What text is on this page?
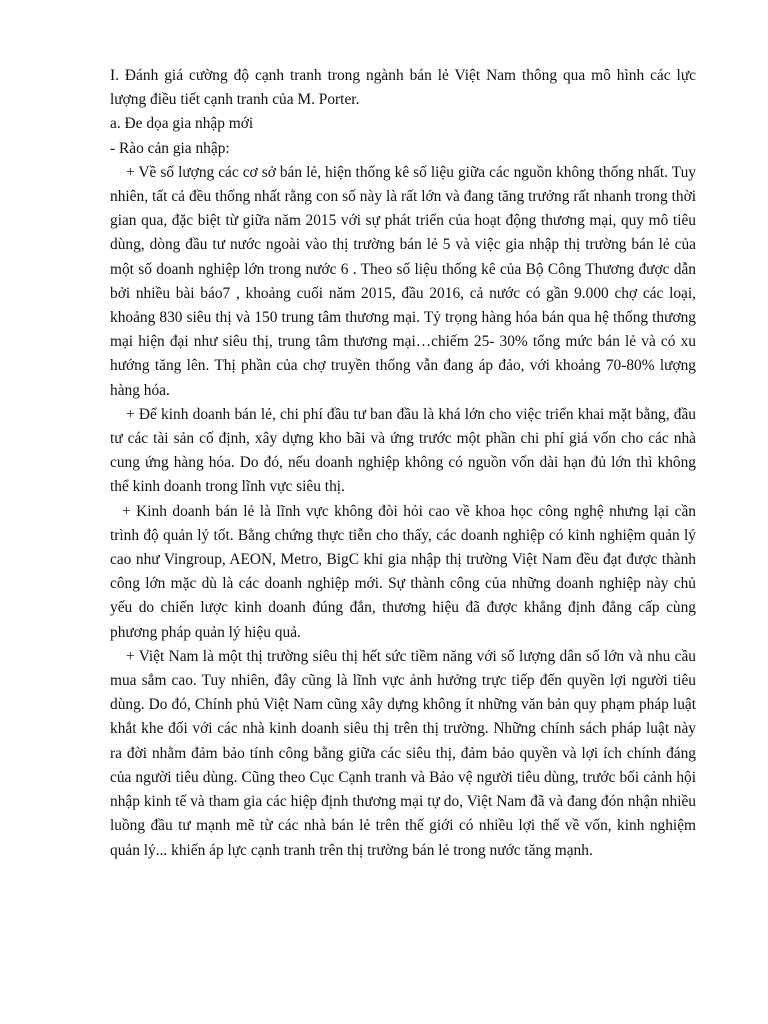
I. Đánh giá cường độ cạnh tranh trong ngành bán lẻ Việt Nam thông qua mô hình các lực lượng điều tiết cạnh tranh của M. Porter.

a. Đe dọa gia nhập mới

- Rào cản gia nhập:

+ Về số lượng các cơ sở bán lẻ, hiện thống kê số liệu giữa các nguồn không thống nhất. Tuy nhiên, tất cả đều thống nhất rằng con số này là rất lớn và đang tăng trưởng rất nhanh trong thời gian qua, đặc biệt từ giữa năm 2015 với sự phát triển của hoạt động thương mại, quy mô tiêu dùng, dòng đầu tư nước ngoài vào thị trường bán lẻ 5 và việc gia nhập thị trường bán lẻ của một số doanh nghiệp lớn trong nước 6 . Theo số liệu thống kê của Bộ Công Thương được dẫn bởi nhiều bài báo7 , khoảng cuối năm 2015, đầu 2016, cả nước có gần 9.000 chợ các loại, khoảng 830 siêu thị và 150 trung tâm thương mại. Tỷ trọng hàng hóa bán qua hệ thống thương mại hiện đại như siêu thị, trung tâm thương mại…chiếm 25- 30% tổng mức bán lẻ và có xu hướng tăng lên. Thị phần của chợ truyền thống vẫn đang áp đảo, với khoảng 70-80% lượng hàng hóa.

+ Để kinh doanh bán lẻ, chi phí đầu tư ban đầu là khá lớn cho việc triển khai mặt bằng, đầu tư các tài sản cố định, xây dựng kho bãi và ứng trước một phần chi phí giá vốn cho các nhà cung ứng hàng hóa. Do đó, nếu doanh nghiệp không có nguồn vốn dài hạn đủ lớn thì không thể kinh doanh trong lĩnh vực siêu thị.

+ Kinh doanh bán lẻ là lĩnh vực không đòi hỏi cao về khoa học công nghệ nhưng lại cần trình độ quản lý tốt. Bằng chứng thực tiễn cho thấy, các doanh nghiệp có kinh nghiệm quản lý cao như Vingroup, AEON, Metro, BigC khi gia nhập thị trường Việt Nam đều đạt được thành công lớn mặc dù là các doanh nghiệp mới. Sự thành công của những doanh nghiệp này chủ yếu do chiến lược kinh doanh đúng đắn, thương hiệu đã được khẳng định đẳng cấp cùng phương pháp quản lý hiệu quả.

+ Việt Nam là một thị trường siêu thị hết sức tiềm năng với số lượng dân số lớn và nhu cầu mua sắm cao. Tuy nhiên, đây cũng là lĩnh vực ảnh hưởng trực tiếp đến quyền lợi người tiêu dùng. Do đó, Chính phủ Việt Nam cũng xây dựng không ít những văn bản quy phạm pháp luật khắt khe đối với các nhà kinh doanh siêu thị trên thị trường. Những chính sách pháp luật này ra đời nhằm đảm bảo tính công bằng giữa các siêu thị, đảm bảo quyền và lợi ích chính đáng của người tiêu dùng. Cũng theo Cục Cạnh tranh và Bảo vệ người tiêu dùng, trước bối cảnh hội nhập kinh tế và tham gia các hiệp định thương mại tự do, Việt Nam đã và đang đón nhận nhiều luồng đầu tư mạnh mẽ từ các nhà bán lẻ trên thế giới có nhiều lợi thế về vốn, kinh nghiệm quản lý... khiến áp lực cạnh tranh trên thị trường bán lẻ trong nước tăng mạnh.
